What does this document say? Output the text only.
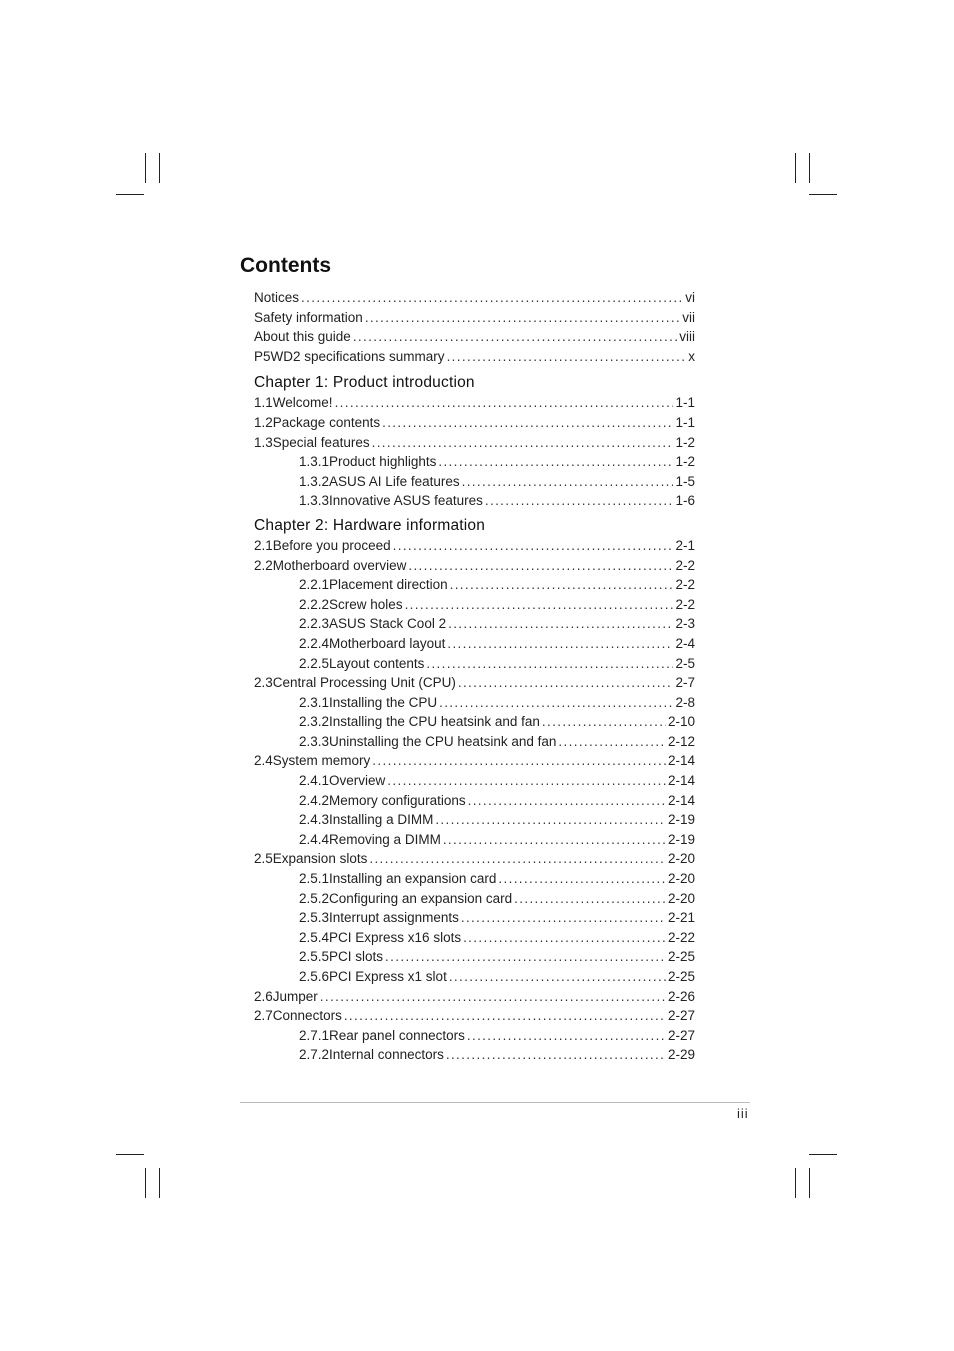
Contents
Notices . . .	vi
Safety information . . .	vii
About this guide . . .	viii
P5WD2 specifications summary . . .	x
Chapter 1: Product introduction
1.1 Welcome! . . .	1-1
1.2 Package contents . . .	1-1
1.3 Special features . . .	1-2
1.3.1 Product highlights . . .	1-2
1.3.2 ASUS AI Life features . . .	1-5
1.3.3 Innovative ASUS features . . .	1-6
Chapter 2: Hardware information
2.1 Before you proceed . . .	2-1
2.2 Motherboard overview . . .	2-2
2.2.1 Placement direction . . .	2-2
2.2.2 Screw holes . . .	2-2
2.2.3 ASUS Stack Cool 2 . . .	2-3
2.2.4 Motherboard layout . . .	2-4
2.2.5 Layout contents . . .	2-5
2.3 Central Processing Unit (CPU) . . .	2-7
2.3.1 Installing the CPU . . .	2-8
2.3.2 Installing the CPU heatsink and fan . . .	2-10
2.3.3 Uninstalling the CPU heatsink and fan . . .	2-12
2.4 System memory . . .	2-14
2.4.1 Overview . . .	2-14
2.4.2 Memory configurations . . .	2-14
2.4.3 Installing a DIMM . . .	2-19
2.4.4 Removing a DIMM . . .	2-19
2.5 Expansion slots . . .	2-20
2.5.1 Installing an expansion card . . .	2-20
2.5.2 Configuring an expansion card . . .	2-20
2.5.3 Interrupt assignments . . .	2-21
2.5.4 PCI Express x16 slots . . .	2-22
2.5.5 PCI slots . . .	2-25
2.5.6 PCI Express x1 slot . . .	2-25
2.6 Jumper . . .	2-26
2.7 Connectors . . .	2-27
2.7.1 Rear panel connectors . . .	2-27
2.7.2 Internal connectors . . .	2-29
iii
